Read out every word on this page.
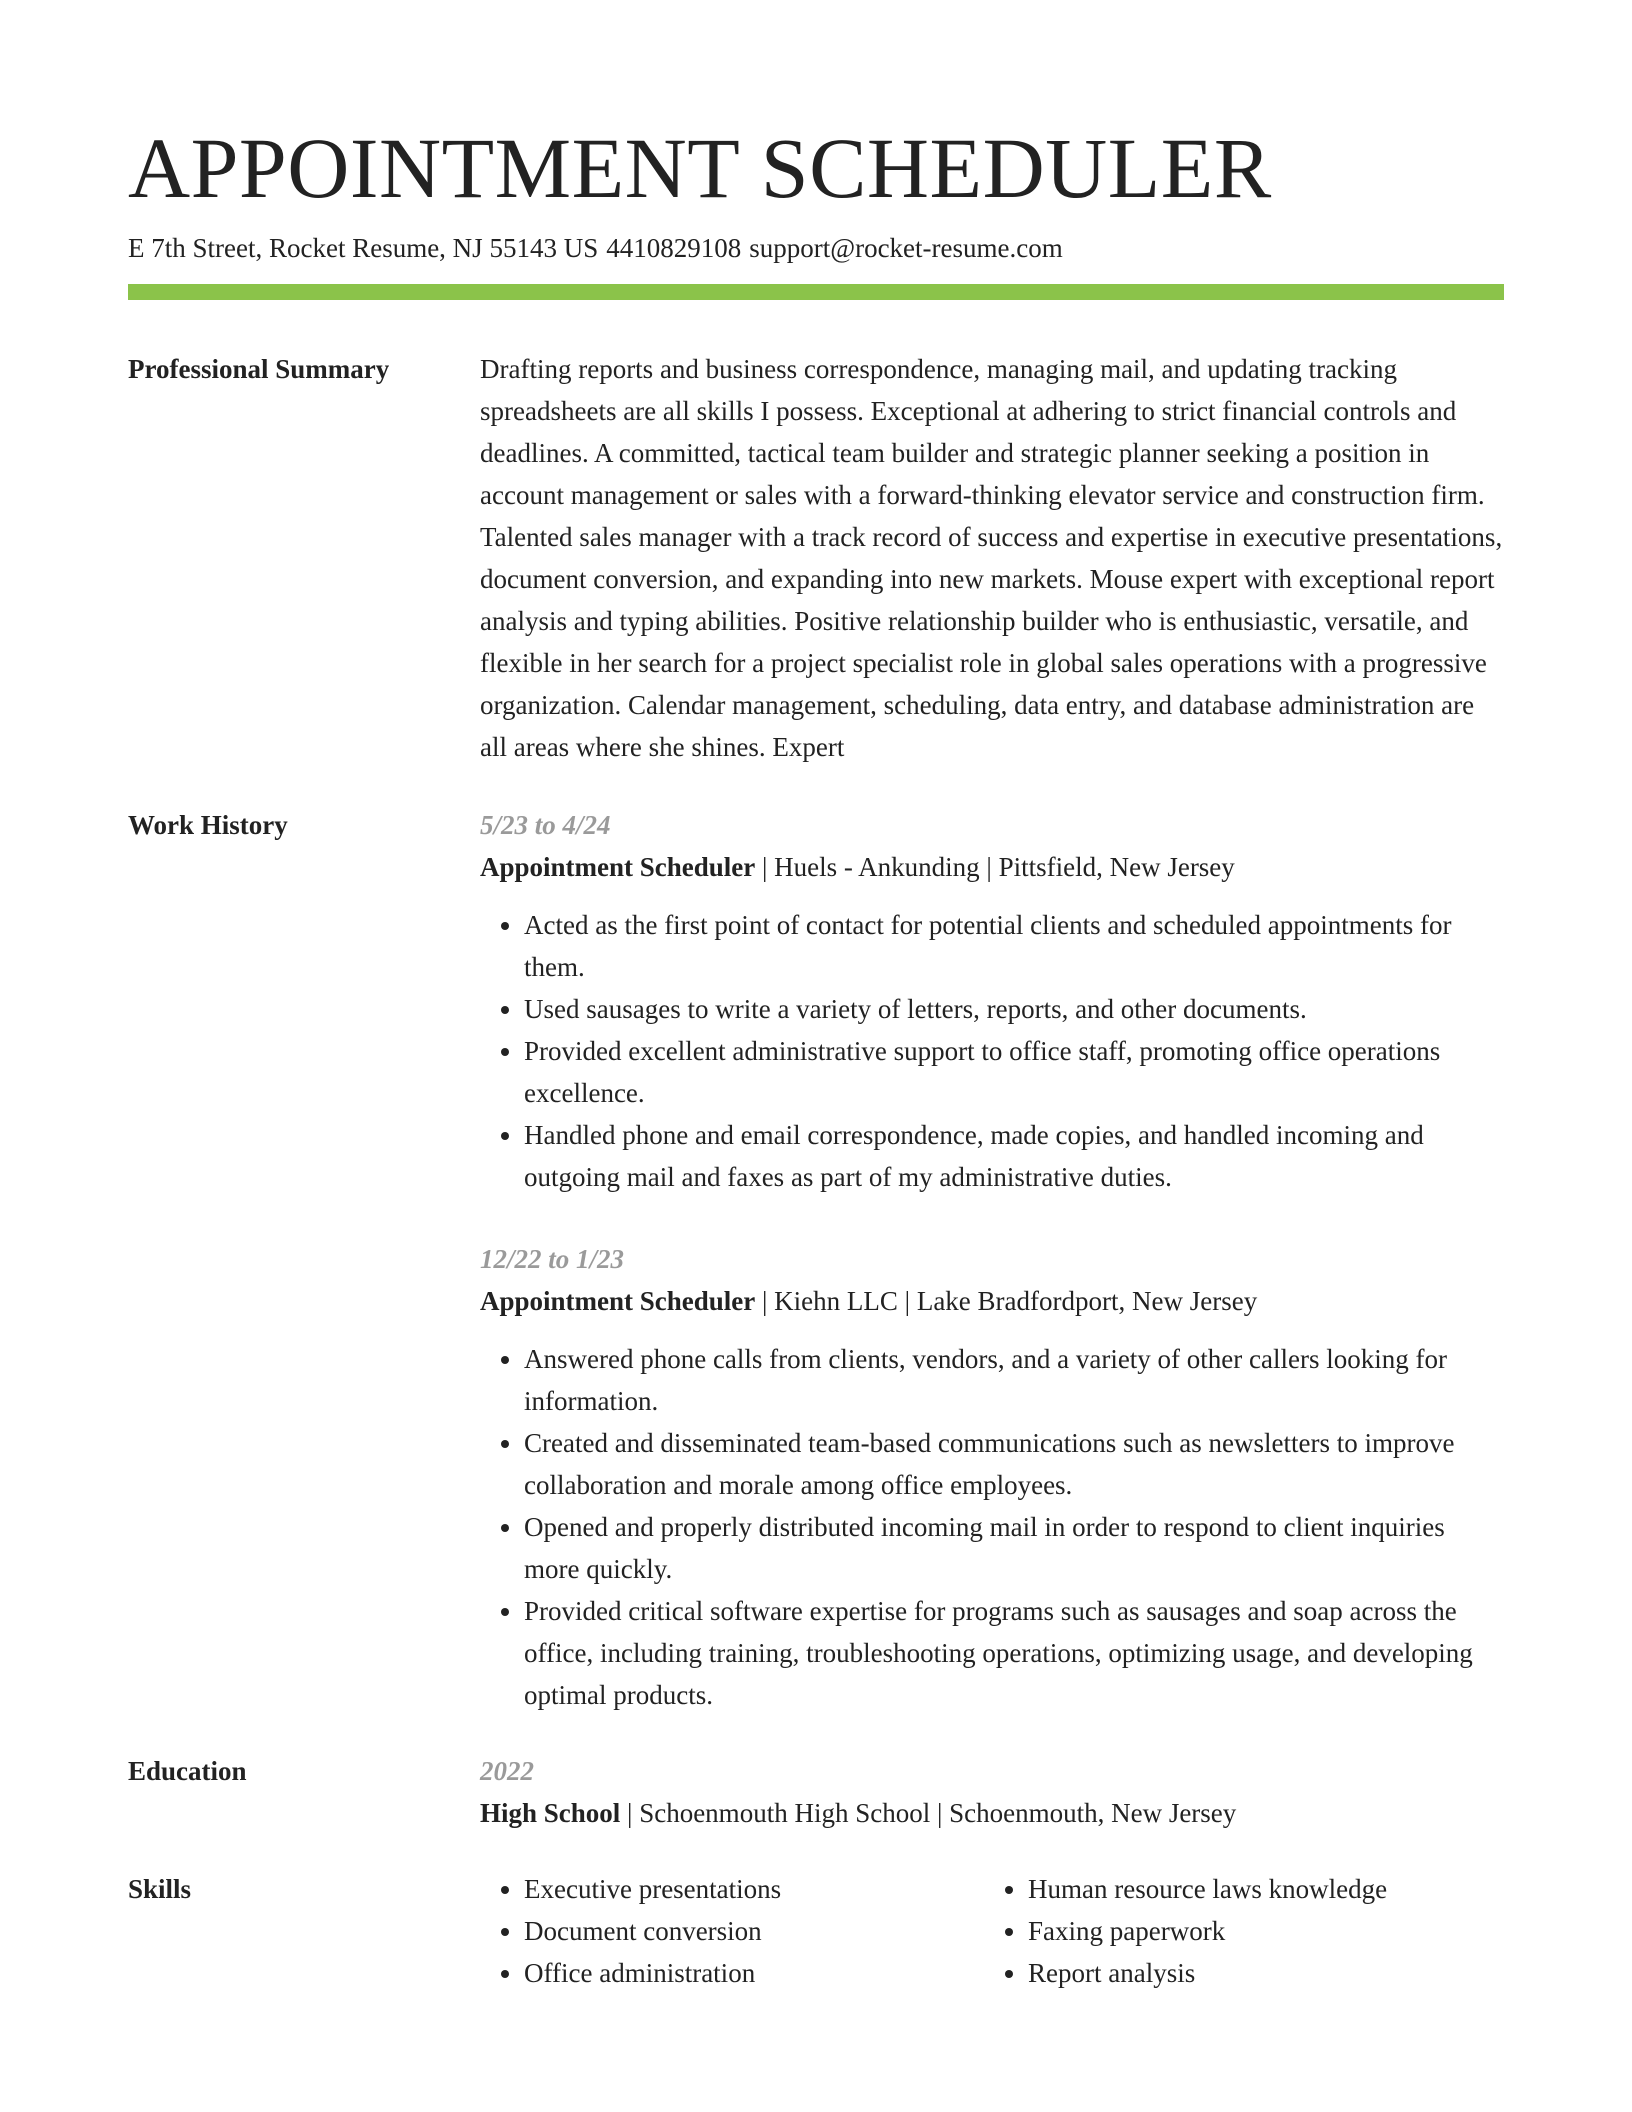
APPOINTMENT SCHEDULER
E 7th Street, Rocket Resume, NJ 55143 US 4410829108 support@rocket-resume.com
Professional Summary	Drafting reports and business correspondence, managing mail, and updating tracking spreadsheets are all skills I possess. Exceptional at adhering to strict financial controls and deadlines. A committed, tactical team builder and strategic planner seeking a position in account management or sales with a forward-thinking elevator service and construction firm. Talented sales manager with a track record of success and expertise in executive presentations, document conversion, and expanding into new markets. Mouse expert with exceptional report analysis and typing abilities. Positive relationship builder who is enthusiastic, versatile, and flexible in her search for a project specialist role in global sales operations with a progressive organization. Calendar management, scheduling, data entry, and database administration are all areas where she shines. Expert
Work History	5/23 to 4/24
Appointment Scheduler | Huels - Ankunding | Pittsfield, New Jersey
• Acted as the first point of contact for potential clients and scheduled appointments for them.
• Used sausages to write a variety of letters, reports, and other documents.
• Provided excellent administrative support to office staff, promoting office operations excellence.
• Handled phone and email correspondence, made copies, and handled incoming and outgoing mail and faxes as part of my administrative duties.
12/22 to 1/23
Appointment Scheduler | Kiehn LLC | Lake Bradfordport, New Jersey
• Answered phone calls from clients, vendors, and a variety of other callers looking for information.
• Created and disseminated team-based communications such as newsletters to improve collaboration and morale among office employees.
• Opened and properly distributed incoming mail in order to respond to client inquiries more quickly.
• Provided critical software expertise for programs such as sausages and soap across the office, including training, troubleshooting operations, optimizing usage, and developing optimal products.
Education	2022
High School | Schoenmouth High School | Schoenmouth, New Jersey
Skills
•	Executive presentations
• Document conversion
• Office administration
• Human resource laws knowledge
• Faxing paperwork
• Report analysis
